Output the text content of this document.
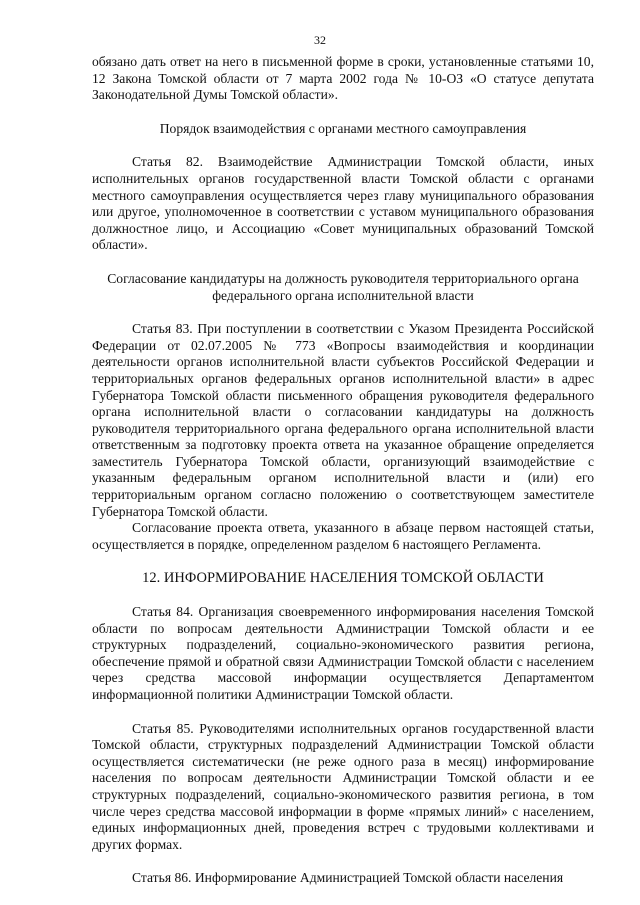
32

обязано дать ответ на него в письменной форме в сроки, установленные статьями 10, 12 Закона Томской области от 7 марта 2002 года № 10-ОЗ «О статусе депутата Законодательной Думы Томской области».

Порядок взаимодействия с органами местного самоуправления

Статья 82. Взаимодействие Администрации Томской области, иных исполнительных органов государственной власти Томской области с органами местного самоуправления осуществляется через главу муниципального образования или другое, уполномоченное в соответствии с уставом муниципального образования должностное лицо, и Ассоциацию «Совет муниципальных образований Томской области».

Согласование кандидатуры на должность руководителя территориального органа федерального органа исполнительной власти

Статья 83. При поступлении в соответствии с Указом Президента Российской Федерации от 02.07.2005 № 773 «Вопросы взаимодействия и координации деятельности органов исполнительной власти субъектов Российской Федерации и территориальных органов федеральных органов исполнительной власти» в адрес Губернатора Томской области письменного обращения руководителя федерального органа исполнительной власти о согласовании кандидатуры на должность руководителя территориального органа федерального органа исполнительной власти ответственным за подготовку проекта ответа на указанное обращение определяется заместитель Губернатора Томской области, организующий взаимодействие с указанным федеральным органом исполнительной власти и (или) его территориальным органом согласно положению о соответствующем заместителе Губернатора Томской области.

Согласование проекта ответа, указанного в абзаце первом настоящей статьи, осуществляется в порядке, определенном разделом 6 настоящего Регламента.

12. ИНФОРМИРОВАНИЕ НАСЕЛЕНИЯ ТОМСКОЙ ОБЛАСТИ

Статья 84. Организация своевременного информирования населения Томской области по вопросам деятельности Администрации Томской области и ее структурных подразделений, социально-экономического развития региона, обеспечение прямой и обратной связи Администрации Томской области с населением через средства массовой информации осуществляется Департаментом информационной политики Администрации Томской области.

Статья 85. Руководителями исполнительных органов государственной власти Томской области, структурных подразделений Администрации Томской области осуществляется систематически (не реже одного раза в месяц) информирование населения по вопросам деятельности Администрации Томской области и ее структурных подразделений, социально-экономического развития региона, в том числе через средства массовой информации в форме «прямых линий» с населением, единых информационных дней, проведения встреч с трудовыми коллективами и других формах.

Статья 86. Информирование Администрацией Томской области населения
